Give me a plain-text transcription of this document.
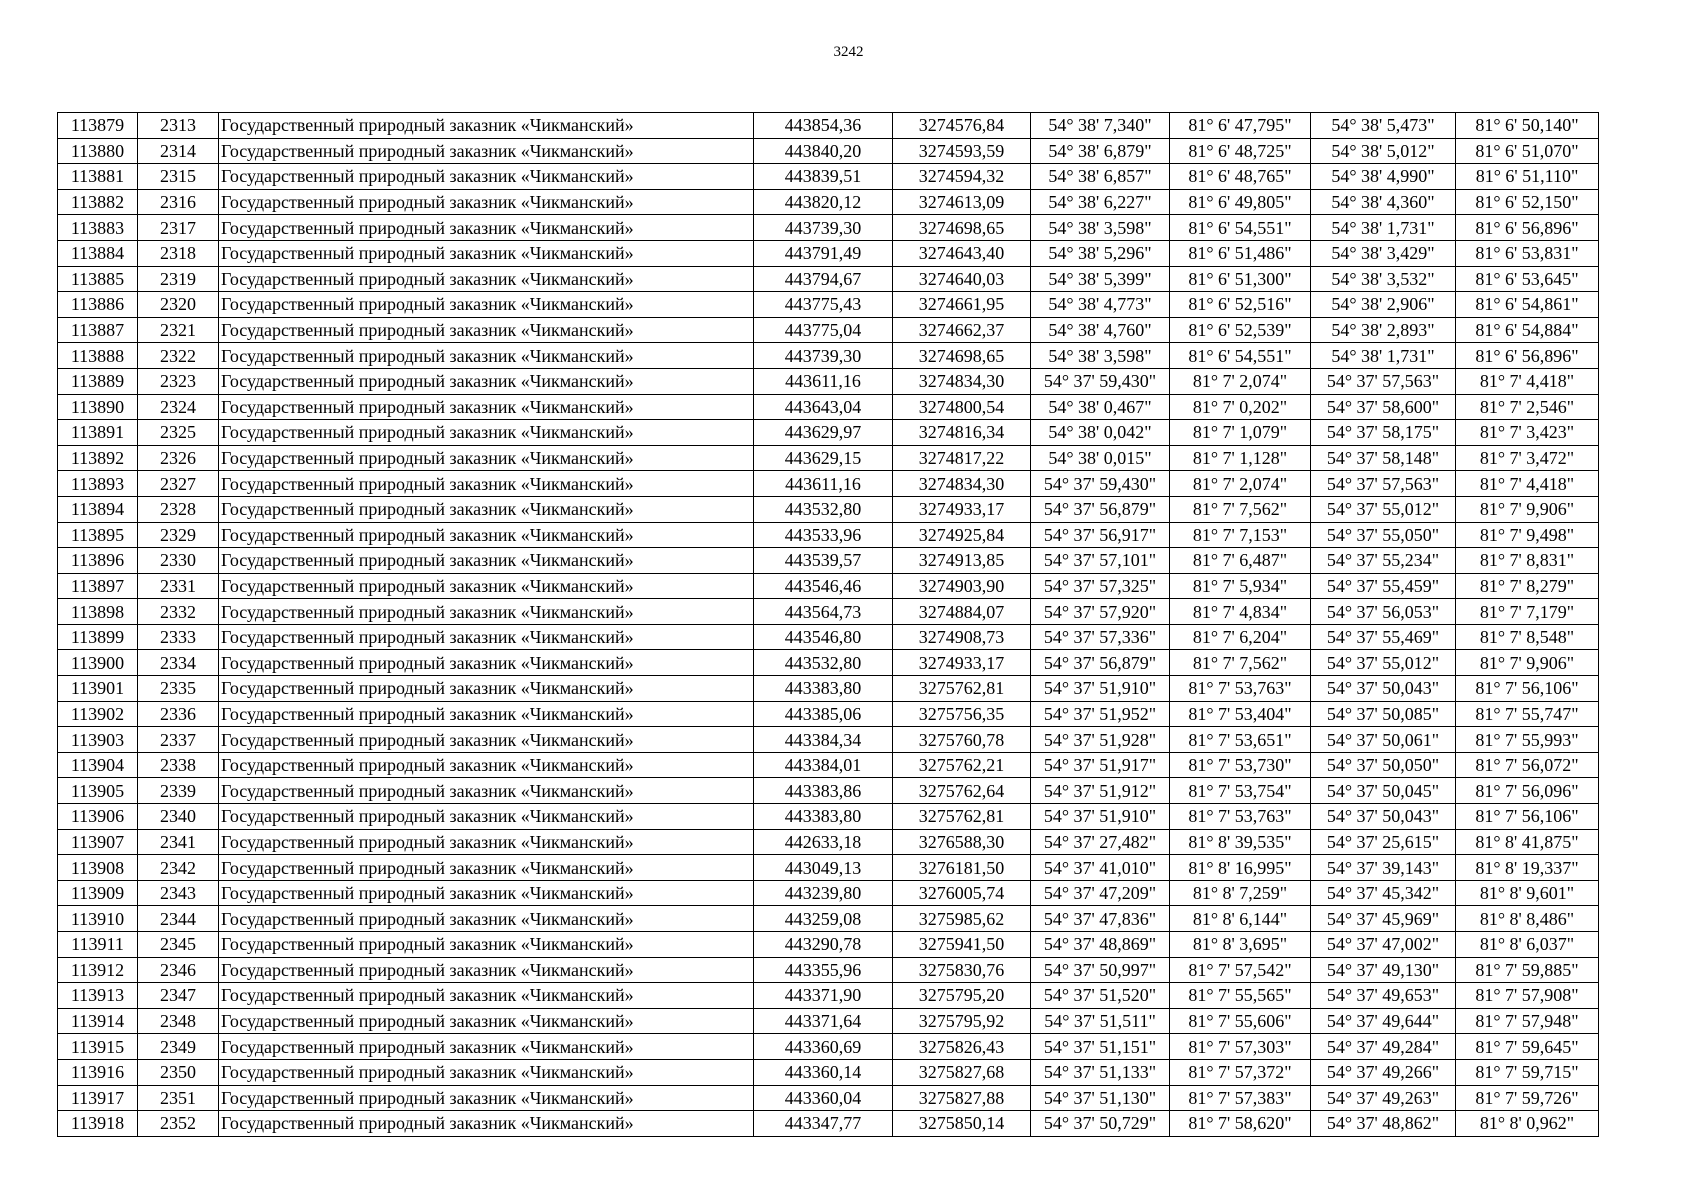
3242
113879	2313	Государственный природный заказник «Чикманский»	443854,36	3274576,84	54° 38' 7,340"	81° 6' 47,795"	54° 38' 5,473"	81° 6' 50,140"
113880	2314	Государственный природный заказник «Чикманский»	443840,20	3274593,59	54° 38' 6,879"	81° 6' 48,725"	54° 38' 5,012"	81° 6' 51,070"
113881	2315	Государственный природный заказник «Чикманский»	443839,51	3274594,32	54° 38' 6,857"	81° 6' 48,765"	54° 38' 4,990"	81° 6' 51,110"
113882	2316	Государственный природный заказник «Чикманский»	443820,12	3274613,09	54° 38' 6,227"	81° 6' 49,805"	54° 38' 4,360"	81° 6' 52,150"
113883	2317	Государственный природный заказник «Чикманский»	443739,30	3274698,65	54° 38' 3,598"	81° 6' 54,551"	54° 38' 1,731"	81° 6' 56,896"
113884	2318	Государственный природный заказник «Чикманский»	443791,49	3274643,40	54° 38' 5,296"	81° 6' 51,486"	54° 38' 3,429"	81° 6' 53,831"
113885	2319	Государственный природный заказник «Чикманский»	443794,67	3274640,03	54° 38' 5,399"	81° 6' 51,300"	54° 38' 3,532"	81° 6' 53,645"
113886	2320	Государственный природный заказник «Чикманский»	443775,43	3274661,95	54° 38' 4,773"	81° 6' 52,516"	54° 38' 2,906"	81° 6' 54,861"
113887	2321	Государственный природный заказник «Чикманский»	443775,04	3274662,37	54° 38' 4,760"	81° 6' 52,539"	54° 38' 2,893"	81° 6' 54,884"
113888	2322	Государственный природный заказник «Чикманский»	443739,30	3274698,65	54° 38' 3,598"	81° 6' 54,551"	54° 38' 1,731"	81° 6' 56,896"
113889	2323	Государственный природный заказник «Чикманский»	443611,16	3274834,30	54° 37' 59,430"	81° 7' 2,074"	54° 37' 57,563"	81° 7' 4,418"
113890	2324	Государственный природный заказник «Чикманский»	443643,04	3274800,54	54° 38' 0,467"	81° 7' 0,202"	54° 37' 58,600"	81° 7' 2,546"
113891	2325	Государственный природный заказник «Чикманский»	443629,97	3274816,34	54° 38' 0,042"	81° 7' 1,079"	54° 37' 58,175"	81° 7' 3,423"
113892	2326	Государственный природный заказник «Чикманский»	443629,15	3274817,22	54° 38' 0,015"	81° 7' 1,128"	54° 37' 58,148"	81° 7' 3,472"
113893	2327	Государственный природный заказник «Чикманский»	443611,16	3274834,30	54° 37' 59,430"	81° 7' 2,074"	54° 37' 57,563"	81° 7' 4,418"
113894	2328	Государственный природный заказник «Чикманский»	443532,80	3274933,17	54° 37' 56,879"	81° 7' 7,562"	54° 37' 55,012"	81° 7' 9,906"
113895	2329	Государственный природный заказник «Чикманский»	443533,96	3274925,84	54° 37' 56,917"	81° 7' 7,153"	54° 37' 55,050"	81° 7' 9,498"
113896	2330	Государственный природный заказник «Чикманский»	443539,57	3274913,85	54° 37' 57,101"	81° 7' 6,487"	54° 37' 55,234"	81° 7' 8,831"
113897	2331	Государственный природный заказник «Чикманский»	443546,46	3274903,90	54° 37' 57,325"	81° 7' 5,934"	54° 37' 55,459"	81° 7' 8,279"
113898	2332	Государственный природный заказник «Чикманский»	443564,73	3274884,07	54° 37' 57,920"	81° 7' 4,834"	54° 37' 56,053"	81° 7' 7,179"
113899	2333	Государственный природный заказник «Чикманский»	443546,80	3274908,73	54° 37' 57,336"	81° 7' 6,204"	54° 37' 55,469"	81° 7' 8,548"
113900	2334	Государственный природный заказник «Чикманский»	443532,80	3274933,17	54° 37' 56,879"	81° 7' 7,562"	54° 37' 55,012"	81° 7' 9,906"
113901	2335	Государственный природный заказник «Чикманский»	443383,80	3275762,81	54° 37' 51,910"	81° 7' 53,763"	54° 37' 50,043"	81° 7' 56,106"
113902	2336	Государственный природный заказник «Чикманский»	443385,06	3275756,35	54° 37' 51,952"	81° 7' 53,404"	54° 37' 50,085"	81° 7' 55,747"
113903	2337	Государственный природный заказник «Чикманский»	443384,34	3275760,78	54° 37' 51,928"	81° 7' 53,651"	54° 37' 50,061"	81° 7' 55,993"
113904	2338	Государственный природный заказник «Чикманский»	443384,01	3275762,21	54° 37' 51,917"	81° 7' 53,730"	54° 37' 50,050"	81° 7' 56,072"
113905	2339	Государственный природный заказник «Чикманский»	443383,86	3275762,64	54° 37' 51,912"	81° 7' 53,754"	54° 37' 50,045"	81° 7' 56,096"
113906	2340	Государственный природный заказник «Чикманский»	443383,80	3275762,81	54° 37' 51,910"	81° 7' 53,763"	54° 37' 50,043"	81° 7' 56,106"
113907	2341	Государственный природный заказник «Чикманский»	442633,18	3276588,30	54° 37' 27,482"	81° 8' 39,535"	54° 37' 25,615"	81° 8' 41,875"
113908	2342	Государственный природный заказник «Чикманский»	443049,13	3276181,50	54° 37' 41,010"	81° 8' 16,995"	54° 37' 39,143"	81° 8' 19,337"
113909	2343	Государственный природный заказник «Чикманский»	443239,80	3276005,74	54° 37' 47,209"	81° 8' 7,259"	54° 37' 45,342"	81° 8' 9,601"
113910	2344	Государственный природный заказник «Чикманский»	443259,08	3275985,62	54° 37' 47,836"	81° 8' 6,144"	54° 37' 45,969"	81° 8' 8,486"
113911	2345	Государственный природный заказник «Чикманский»	443290,78	3275941,50	54° 37' 48,869"	81° 8' 3,695"	54° 37' 47,002"	81° 8' 6,037"
113912	2346	Государственный природный заказник «Чикманский»	443355,96	3275830,76	54° 37' 50,997"	81° 7' 57,542"	54° 37' 49,130"	81° 7' 59,885"
113913	2347	Государственный природный заказник «Чикманский»	443371,90	3275795,20	54° 37' 51,520"	81° 7' 55,565"	54° 37' 49,653"	81° 7' 57,908"
113914	2348	Государственный природный заказник «Чикманский»	443371,64	3275795,92	54° 37' 51,511"	81° 7' 55,606"	54° 37' 49,644"	81° 7' 57,948"
113915	2349	Государственный природный заказник «Чикманский»	443360,69	3275826,43	54° 37' 51,151"	81° 7' 57,303"	54° 37' 49,284"	81° 7' 59,645"
113916	2350	Государственный природный заказник «Чикманский»	443360,14	3275827,68	54° 37' 51,133"	81° 7' 57,372"	54° 37' 49,266"	81° 7' 59,715"
113917	2351	Государственный природный заказник «Чикманский»	443360,04	3275827,88	54° 37' 51,130"	81° 7' 57,383"	54° 37' 49,263"	81° 7' 59,726"
113918	2352	Государственный природный заказник «Чикманский»	443347,77	3275850,14	54° 37' 50,729"	81° 7' 58,620"	54° 37' 48,862"	81° 8' 0,962"
